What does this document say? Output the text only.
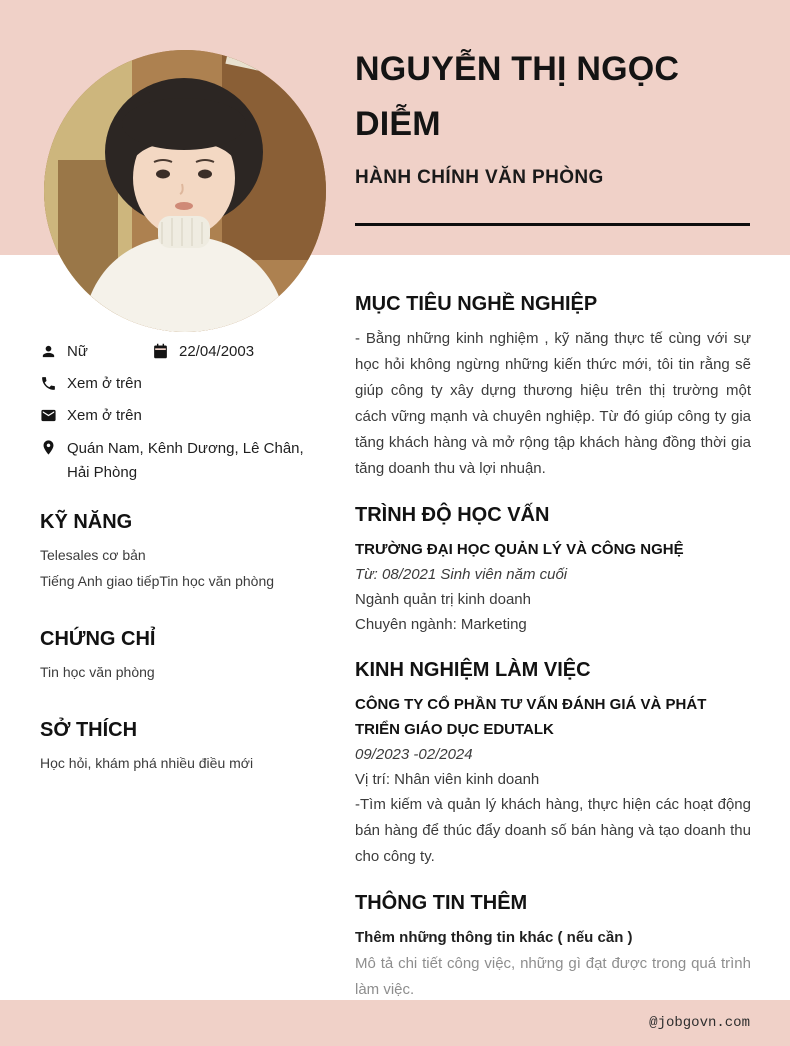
NGUYỄN THỊ NGỌC DIỄM
HÀNH CHÍNH VĂN PHÒNG
Nữ	22/04/2003
Xem ở trên
Xem ở trên
Quán Nam, Kênh Dương, Lê Chân, Hải Phòng
KỸ NĂNG
Telesales cơ bản
Tiếng Anh giao tiếpTin học văn phòng
CHỨNG CHỈ
Tin học văn phòng
SỞ THÍCH
Học hỏi, khám phá nhiều điều mới
MỤC TIÊU NGHỀ NGHIỆP
- Bằng những kinh nghiệm , kỹ năng thực tế cùng với sự học hỏi không ngừng những kiến thức mới, tôi tin rằng sẽ giúp công ty xây dựng thương hiệu trên thị trường một cách vững mạnh và chuyên nghiệp. Từ đó giúp công ty gia tăng khách hàng và mở rộng tập khách hàng đồng thời gia tăng doanh thu và lợi nhuận.
TRÌNH ĐỘ HỌC VẤN
TRƯỜNG ĐẠI HỌC QUẢN LÝ VÀ CÔNG NGHỆ
Từ: 08/2021 Sinh viên năm cuối
Ngành quản trị kinh doanh
Chuyên ngành: Marketing
KINH NGHIỆM LÀM VIỆC
CÔNG TY CỔ PHẦN TƯ VẤN ĐÁNH GIÁ VÀ PHÁT TRIỂN GIÁO DỤC EDUTALK
09/2023 -02/2024
Vị trí: Nhân viên kinh doanh
-Tìm kiếm và quản lý khách hàng, thực hiện các hoạt động bán hàng để thúc đẩy doanh số bán hàng và tạo doanh thu cho công ty.
THÔNG TIN THÊM
Thêm những thông tin khác ( nếu cần )
Mô tả chi tiết công việc, những gì đạt được trong quá trình làm việc.
@jobgovn.com
